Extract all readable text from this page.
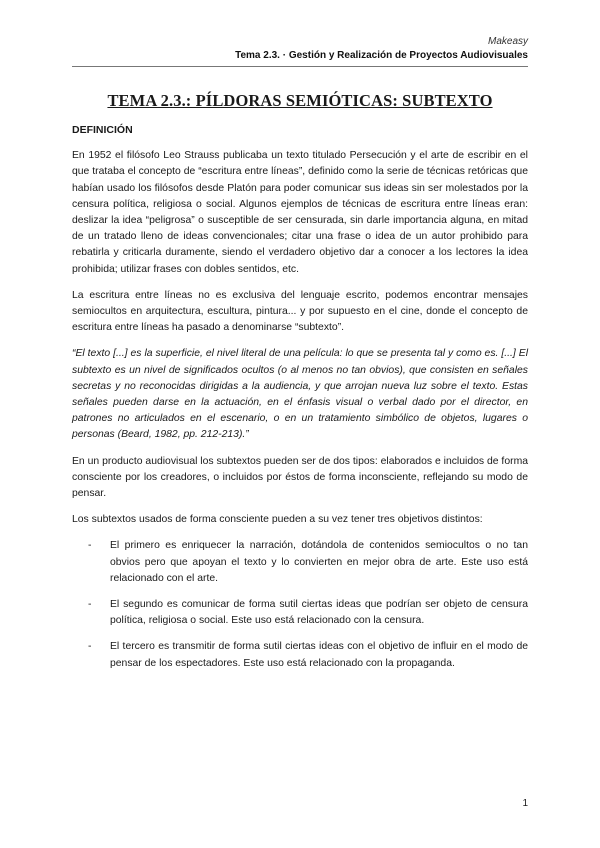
Makeasy
Tema 2.3. · Gestión y Realización de Proyectos Audiovisuales
TEMA 2.3.: PÍLDORAS SEMIÓTICAS: SUBTEXTO
DEFINICIÓN

En 1952 el filósofo Leo Strauss publicaba un texto titulado Persecución y el arte de escribir en el que trataba el concepto de “escritura entre líneas”, definido como la serie de técnicas retóricas que habían usado los filósofos desde Platón para poder comunicar sus ideas sin ser molestados por la censura política, religiosa o social. Algunos ejemplos de técnicas de escritura entre líneas eran: deslizar la idea “peligrosa” o susceptible de ser censurada, sin darle importancia alguna, en mitad de un tratado lleno de ideas convencionales; citar una frase o idea de un autor prohibido para rebatirla y criticarla duramente, siendo el verdadero objetivo dar a conocer a los lectores la idea prohibida; utilizar frases con dobles sentidos, etc.

La escritura entre líneas no es exclusiva del lenguaje escrito, podemos encontrar mensajes semiocultos en arquitectura, escultura, pintura... y por supuesto en el cine, donde el concepto de escritura entre líneas ha pasado a denominarse “subtexto”.

“El texto [...] es la superficie, el nivel literal de una película: lo que se presenta tal y como es. [...] El subtexto es un nivel de significados ocultos (o al menos no tan obvios), que consisten en señales secretas y no reconocidas dirigidas a la audiencia, y que arrojan nueva luz sobre el texto. Estas señales pueden darse en la actuación, en el énfasis visual o verbal dado por el director, en patrones no articulados en el escenario, o en un tratamiento simbólico de objetos, lugares o personas (Beard, 1982, pp. 212-213).”

En un producto audiovisual los subtextos pueden ser de dos tipos: elaborados e incluidos de forma consciente por los creadores, o incluidos por éstos de forma inconsciente, reflejando su modo de pensar.

Los subtextos usados de forma consciente pueden a su vez tener tres objetivos distintos:

- El primero es enriquecer la narración, dotándola de contenidos semiocultos o no tan obvios pero que apoyan el texto y lo convierten en mejor obra de arte. Este uso está relacionado con el arte.
- El segundo es comunicar de forma sutil ciertas ideas que podrían ser objeto de censura política, religiosa o social. Este uso está relacionado con la censura.
- El tercero es transmitir de forma sutil ciertas ideas con el objetivo de influir en el modo de pensar de los espectadores. Este uso está relacionado con la propaganda.
1
